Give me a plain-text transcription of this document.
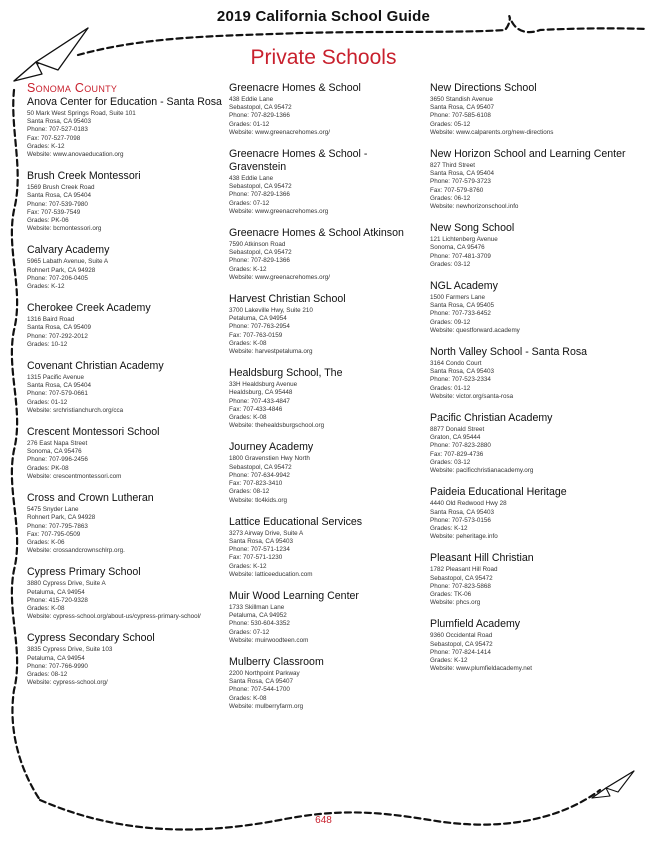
2019 California School Guide
Private Schools
Sonoma County
Anova Center for Education - Santa Rosa
50 Mark West Springs Road, Suite 101
Santa Rosa, CA 95403
Phone: 707-527-0183
Fax: 707-527-7098
Grades: K-12
Website: www.anovaeducation.org
Brush Creek Montessori
1569 Brush Creek Road
Santa Rosa, CA 95404
Phone: 707-539-7980
Fax: 707-539-7549
Grades: PK-06
Website: bcmontessori.org
Calvary Academy
5965 Labath Avenue, Suite A
Rohnert Park, CA 94928
Phone: 707-206-0405
Grades: K-12
Cherokee Creek Academy
1316 Baird Road
Santa Rosa, CA 95409
Phone: 707-292-2012
Grades: 10-12
Covenant Christian Academy
1315 Pacific Avenue
Santa Rosa, CA 95404
Phone: 707-579-0661
Grades: 01-12
Website: srchristianchurch.org/cca
Crescent Montessori School
276 East Napa Street
Sonoma, CA 95476
Phone: 707-996-2456
Grades: PK-08
Website: crescentmontessori.com
Cross and Crown Lutheran
5475 Snyder Lane
Rohnert Park, CA 94928
Phone: 707-795-7863
Fax: 707-795-0509
Grades: K-06
Website: crossandcrownschlrp.org.
Cypress Primary School
3880 Cypress Drive, Suite A
Petaluma, CA 94954
Phone: 415-720-9328
Grades: K-08
Website: cypress-school.org/about-us/cypress-primary-school/
Cypress Secondary School
3835 Cypress Drive, Suite 103
Petaluma, CA 94954
Phone: 707-766-9990
Grades: 08-12
Website: cypress-school.org/
Greenacre Homes & School
438 Eddie Lane
Sebastopol, CA 95472
Phone: 707-829-1366
Grades: 01-12
Website: www.greenacrehomes.org/
Greenacre Homes & School - Gravenstein
438 Eddie Lane
Sebastopol, CA 95472
Phone: 707-829-1366
Grades: 07-12
Website: www.greenacrehomes.org
Greenacre Homes & School Atkinson
7590 Atkinson Road
Sebastopol, CA 95472
Phone: 707-829-1366
Grades: K-12
Website: www.greenacrehomes.org/
Harvest Christian School
3700 Lakeville Hwy, Suite 210
Petaluma, CA 94954
Phone: 707-763-2954
Fax: 707-763-0159
Grades: K-08
Website: harvestpetaluma.org
Healdsburg School, The
33H Healdsburg Avenue
Healdsburg, CA 95448
Phone: 707-433-4847
Fax: 707-433-4846
Grades: K-08
Website: thehealdsburgschool.org
Journey Academy
1800 Gravenstien Hwy North
Sebastopol, CA 95472
Phone: 707-634-9942
Fax: 707-823-3410
Grades: 08-12
Website: tlc4kids.org
Lattice Educational Services
3273 Airway Drive, Suite A
Santa Rosa, CA 95403
Phone: 707-571-1234
Fax: 707-571-1230
Grades: K-12
Website: latticeeducation.com
Muir Wood Learning Center
1733 Skillman Lane
Petaluma, CA 94952
Phone: 530-604-3352
Grades: 07-12
Website: muirwoodteen.com
Mulberry Classroom
2200 Northpoint Parkway
Santa Rosa, CA 95407
Phone: 707-544-1700
Grades: K-08
Website: mulberryfarm.org
New Directions School
3650 Standish Avenue
Santa Rosa, CA 95407
Phone: 707-585-6108
Grades: 05-12
Website: www.calparents.org/new-directions
New Horizon School and Learning Center
827 Third Street
Santa Rosa, CA 95404
Phone: 707-579-3723
Fax: 707-579-8760
Grades: 06-12
Website: newhorizonschool.info
New Song School
121 Lichtenberg Avenue
Sonoma, CA 95476
Phone: 707-481-3709
Grades: 03-12
NGL Academy
1500 Farmers Lane
Santa Rosa, CA 95405
Phone: 707-733-6452
Grades: 09-12
Website: questforward.academy
North Valley School - Santa Rosa
3164 Condo Court
Santa Rosa, CA 95403
Phone: 707-523-2334
Grades: 01-12
Website: victor.org/santa-rosa
Pacific Christian Academy
8877 Donald Street
Graton, CA 95444
Phone: 707-823-2880
Fax: 707-829-4736
Grades: 03-12
Website: pacificchristianacademy.org
Paideia Educational Heritage
4440 Old Redwood Hwy 28
Santa Rosa, CA 95403
Phone: 707-573-0156
Grades: K-12
Website: peheritage.info
Pleasant Hill Christian
1782 Pleasant Hill Road
Sebastopol, CA 95472
Phone: 707-823-5868
Grades: TK-06
Website: phcs.org
Plumfield Academy
9360 Occidental Road
Sebastopol, CA 95472
Phone: 707-824-1414
Grades: K-12
Website: www.plumfieldacademy.net
648
